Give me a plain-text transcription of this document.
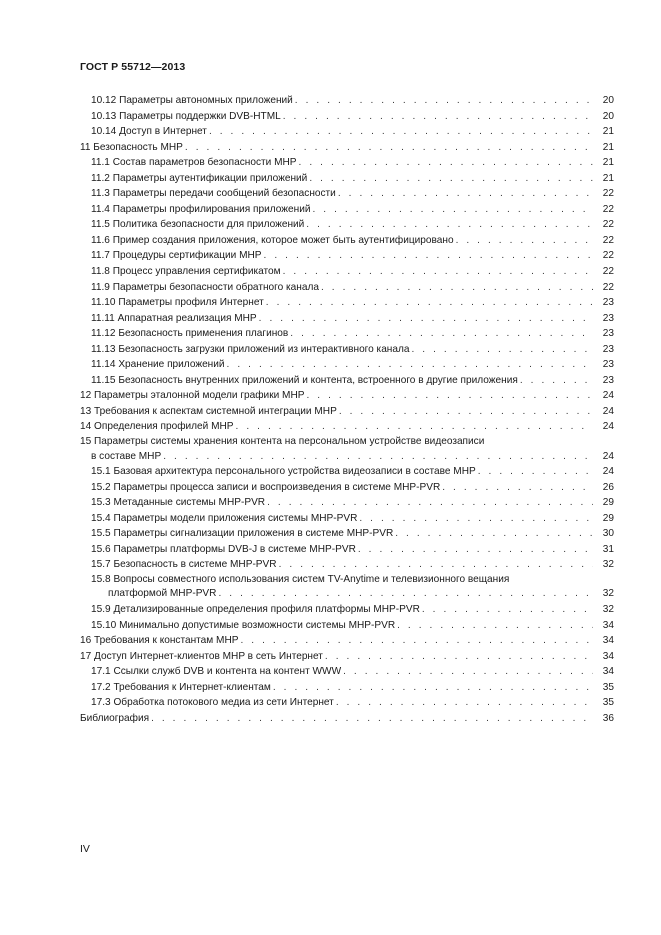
ГОСТ Р 55712—2013
10.12 Параметры автономных приложений . . .	20
10.13 Параметры поддержки DVB-HTML . . .	20
10.14 Доступ в Интернет . . .	21
11 Безопасность MHP . . .	21
11.1 Состав параметров безопасности MHP . . .	21
11.2 Параметры аутентификации приложений . . .	21
11.3 Параметры передачи сообщений безопасности . . .	22
11.4 Параметры профилирования приложений . . .	22
11.5 Политика безопасности для приложений . . .	22
11.6 Пример создания приложения, которое может быть аутентифицировано . . .	22
11.7 Процедуры сертификации MHP . . .	22
11.8 Процесс управления сертификатом . . .	22
11.9 Параметры безопасности обратного канала . . .	22
11.10 Параметры профиля Интернет . . .	23
11.11 Аппаратная реализация MHP . . .	23
11.12 Безопасность применения плагинов . . .	23
11.13 Безопасность загрузки приложений из интерактивного канала . . .	23
11.14 Хранение приложений . . .	23
11.15 Безопасность внутренних приложений и контента, встроенного в другие приложения . . .	23
12 Параметры эталонной модели графики MHP . . .	24
13 Требования к аспектам системной интеграции MHP . . .	24
14 Определения профилей MHP . . .	24
15 Параметры системы хранения контента на персональном устройстве видеозаписи
в составе MHP . . .	24
15.1 Базовая архитектура персонального устройства видеозаписи в составе MHP . . .	24
15.2 Параметры процесса записи и воспроизведения в системе MHP-PVR . . .	26
15.3 Метаданные системы MHP-PVR . . .	29
15.4 Параметры модели приложения системы MHP-PVR . . .	29
15.5 Параметры сигнализации приложения в системе MHP-PVR . . .	30
15.6 Параметры платформы DVB-J в системе MHP-PVR . . .	31
15.7 Безопасность в системе MHP-PVR . . .	32
15.8 Вопросы совместного использования систем TV-Anytime и телевизионного вещания
платформой MHP-PVR . . .	32
15.9 Детализированные определения профиля платформы MHP-PVR . . .	32
15.10 Минимально допустимые возможности системы MHP-PVR . . .	34
16 Требования к константам MHP . . .	34
17 Доступ Интернет-клиентов MHP в сеть Интернет . . .	34
17.1 Ссылки служб DVB и контента на контент WWW . . .	34
17.2 Требования к Интернет-клиентам . . .	35
17.3 Обработка потокового медиа из сети Интернет . . .	35
Библиография . . .	36
IV
